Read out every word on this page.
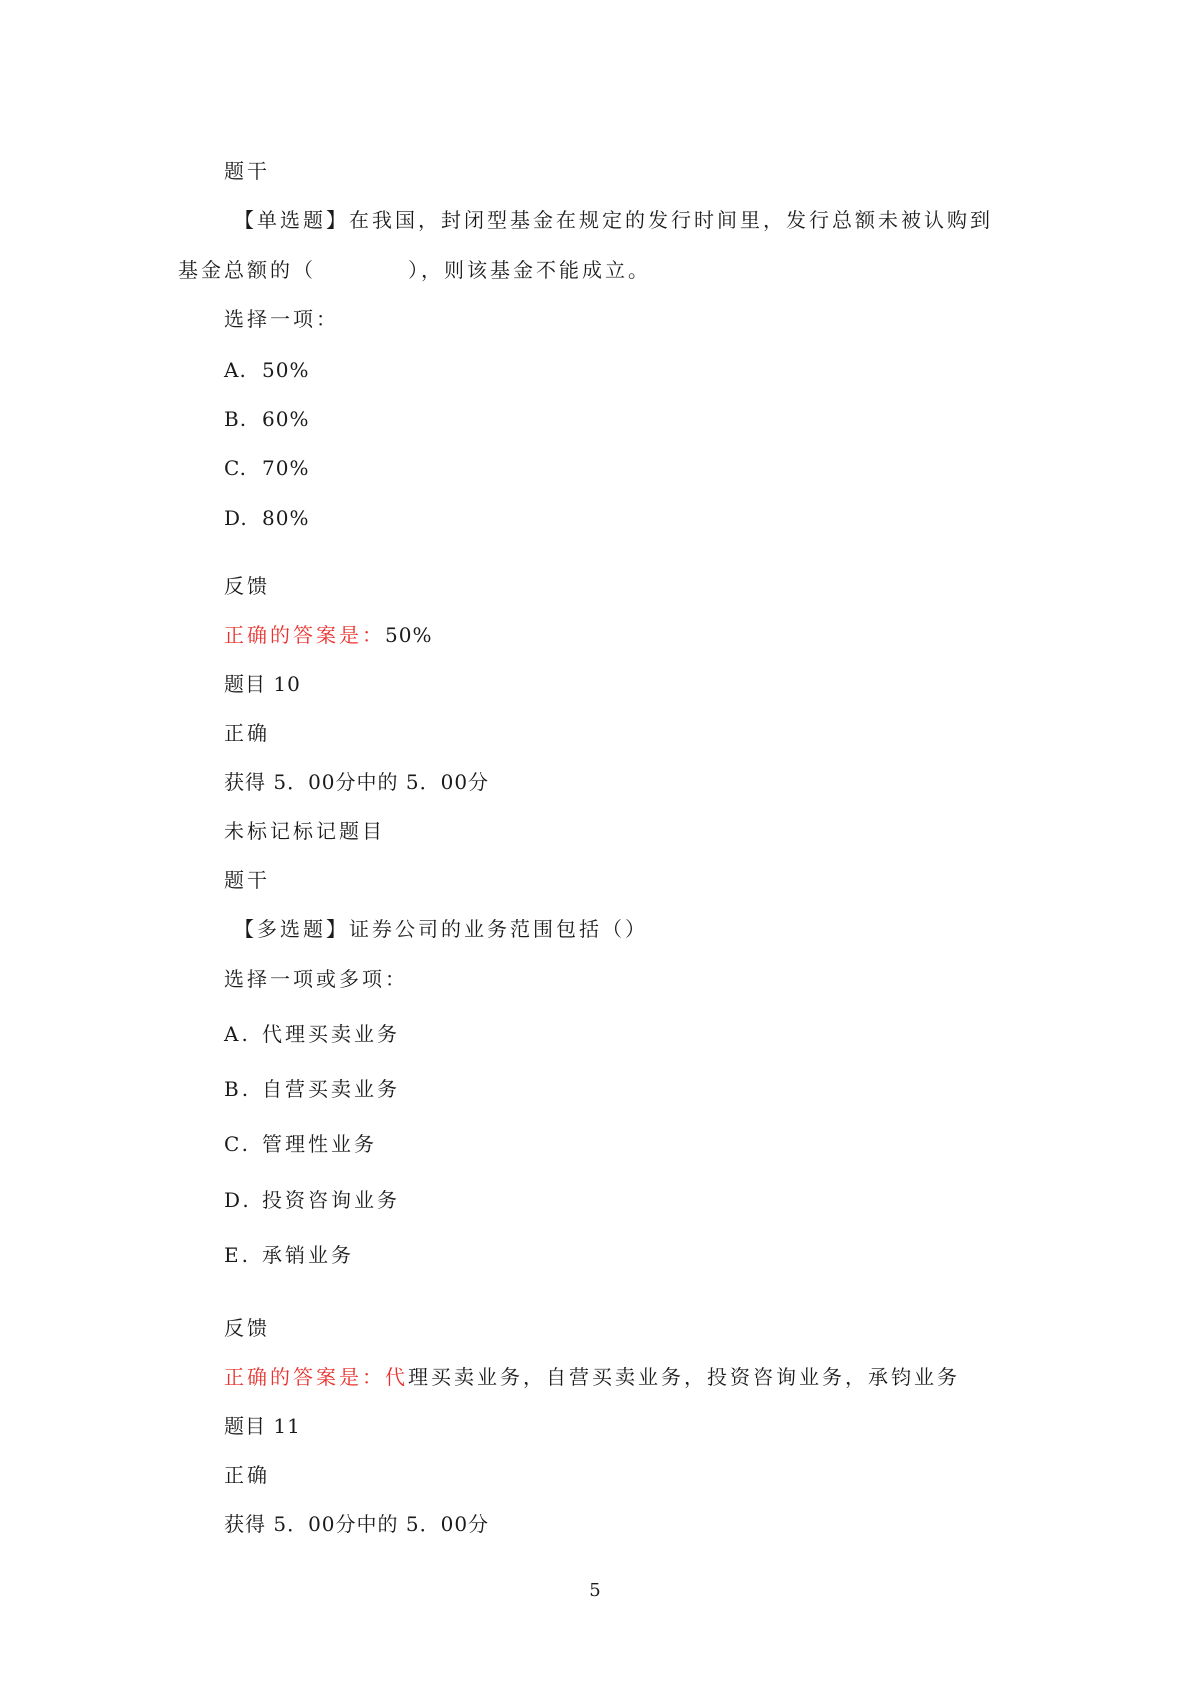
题干
【单选题】在我国，封闭型基金在规定的发行时间里，发行总额未被认购到 基金总额的（　　　　），则该基金不能成立。
选择一项：
A. 50%
B. 60%
C. 70%
D. 80%
反馈
正确的答案是：50%
题目 10
正确
获得 5．00分中的 5．00分
未标记标记题目
题干
【多选题】证券公司的业务范围包括（）
选择一项或多项：
A. 代理买卖业务
B. 自营买卖业务
C. 管理性业务
D. 投资咨询业务
E. 承销业务
反馈
正确的答案是：代理买卖业务，自营买卖业务，投资咨询业务，承钧业务
题目 11
正确
获得 5．00分中的 5．00分
5
